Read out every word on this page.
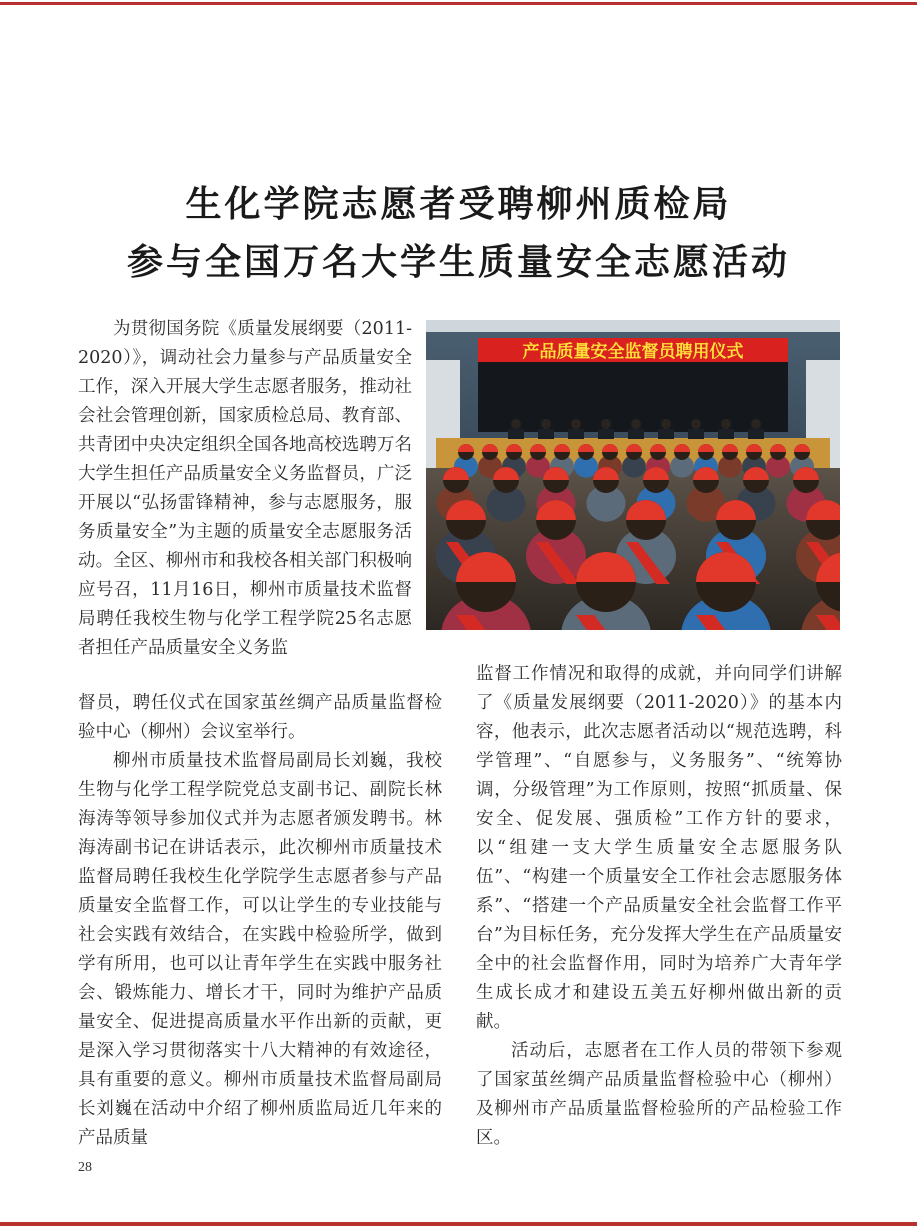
生化学院志愿者受聘柳州质检局
参与全国万名大学生质量安全志愿活动

为贯彻国务院《质量发展纲要（2011-2020）》，调动社会力量参与产品质量安全工作，深入开展大学生志愿者服务，推动社会社会管理创新，国家质检总局、教育部、共青团中央决定组织全国各地高校选聘万名大学生担任产品质量安全义务监督员，广泛开展以“弘扬雷锋精神，参与志愿服务，服务质量安全”为主题的质量安全志愿服务活动。全区、柳州市和我校各相关部门积极响应号召，11月16日，柳州市质量技术监督局聘任我校生物与化学工程学院25名志愿者担任产品质量安全义务监

产品质量安全监督员聘用仪式

督员，聘任仪式在国家茧丝绸产品质量监督检验中心（柳州）会议室举行。

柳州市质量技术监督局副局长刘巍，我校生物与化学工程学院党总支副书记、副院长林海涛等领导参加仪式并为志愿者颁发聘书。林海涛副书记在讲话表示，此次柳州市质量技术监督局聘任我校生化学院学生志愿者参与产品质量安全监督工作，可以让学生的专业技能与社会实践有效结合，在实践中检验所学，做到学有所用，也可以让青年学生在实践中服务社会、锻炼能力、增长才干，同时为维护产品质量安全、促进提高质量水平作出新的贡献，更是深入学习贯彻落实十八大精神的有效途径，具有重要的意义。柳州市质量技术监督局副局长刘巍在活动中介绍了柳州质监局近几年来的产品质量

监督工作情况和取得的成就，并向同学们讲解了《质量发展纲要（2011-2020）》的基本内容，他表示，此次志愿者活动以“规范选聘，科学管理”、“自愿参与，义务服务”、“统筹协调，分级管理”为工作原则，按照“抓质量、保安全、促发展、强质检”工作方针的要求，以“组建一支大学生质量安全志愿服务队伍”、“构建一个质量安全工作社会志愿服务体系”、“搭建一个产品质量安全社会监督工作平台”为目标任务，充分发挥大学生在产品质量安全中的社会监督作用，同时为培养广大青年学生成长成才和建设五美五好柳州做出新的贡献。

活动后，志愿者在工作人员的带领下参观了国家茧丝绸产品质量监督检验中心（柳州）及柳州市产品质量监督检验所的产品检验工作区。

28
